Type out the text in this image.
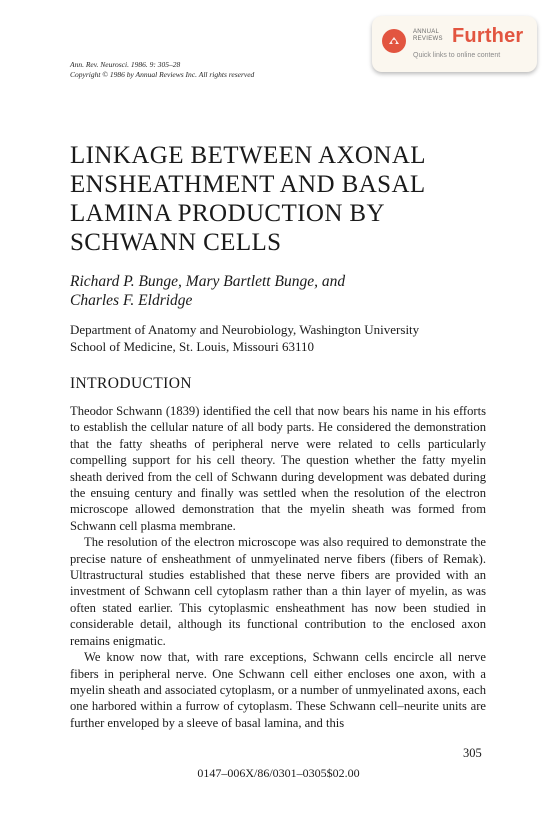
Ann. Rev. Neurosci. 1986. 9: 305–28
Copyright © 1986 by Annual Reviews Inc. All rights reserved
ANNUAL
REVIEWS Further
Quick links to online content
LINKAGE BETWEEN AXONAL
ENSHEATHMENT AND BASAL
LAMINA PRODUCTION BY
SCHWANN CELLS
Richard P. Bunge, Mary Bartlett Bunge, and
Charles F. Eldridge
Department of Anatomy and Neurobiology, Washington University
School of Medicine, St. Louis, Missouri 63110
INTRODUCTION

Theodor Schwann (1839) identified the cell that now bears his name in his efforts to establish the cellular nature of all body parts. He considered the demonstration that the fatty sheaths of peripheral nerve were related to cells particularly compelling support for his cell theory. The question whether the fatty myelin sheath derived from the cell of Schwann during development was debated during the ensuing century and finally was settled when the resolution of the electron microscope allowed demonstration that the myelin sheath was formed from Schwann cell plasma membrane.

The resolution of the electron microscope was also required to demonstrate the precise nature of ensheathment of unmyelinated nerve fibers (fibers of Remak). Ultrastructural studies established that these nerve fibers are provided with an investment of Schwann cell cytoplasm rather than a thin layer of myelin, as was often stated earlier. This cytoplasmic ensheathment has now been studied in considerable detail, although its functional contribution to the enclosed axon remains enigmatic.

We know now that, with rare exceptions, Schwann cells encircle all nerve fibers in peripheral nerve. One Schwann cell either encloses one axon, with a myelin sheath and associated cytoplasm, or a number of unmyelinated axons, each one harbored within a furrow of cytoplasm. These Schwann cell–neurite units are further enveloped by a sleeve of basal lamina, and this

305
0147–006X/86/0301–0305$02.00
